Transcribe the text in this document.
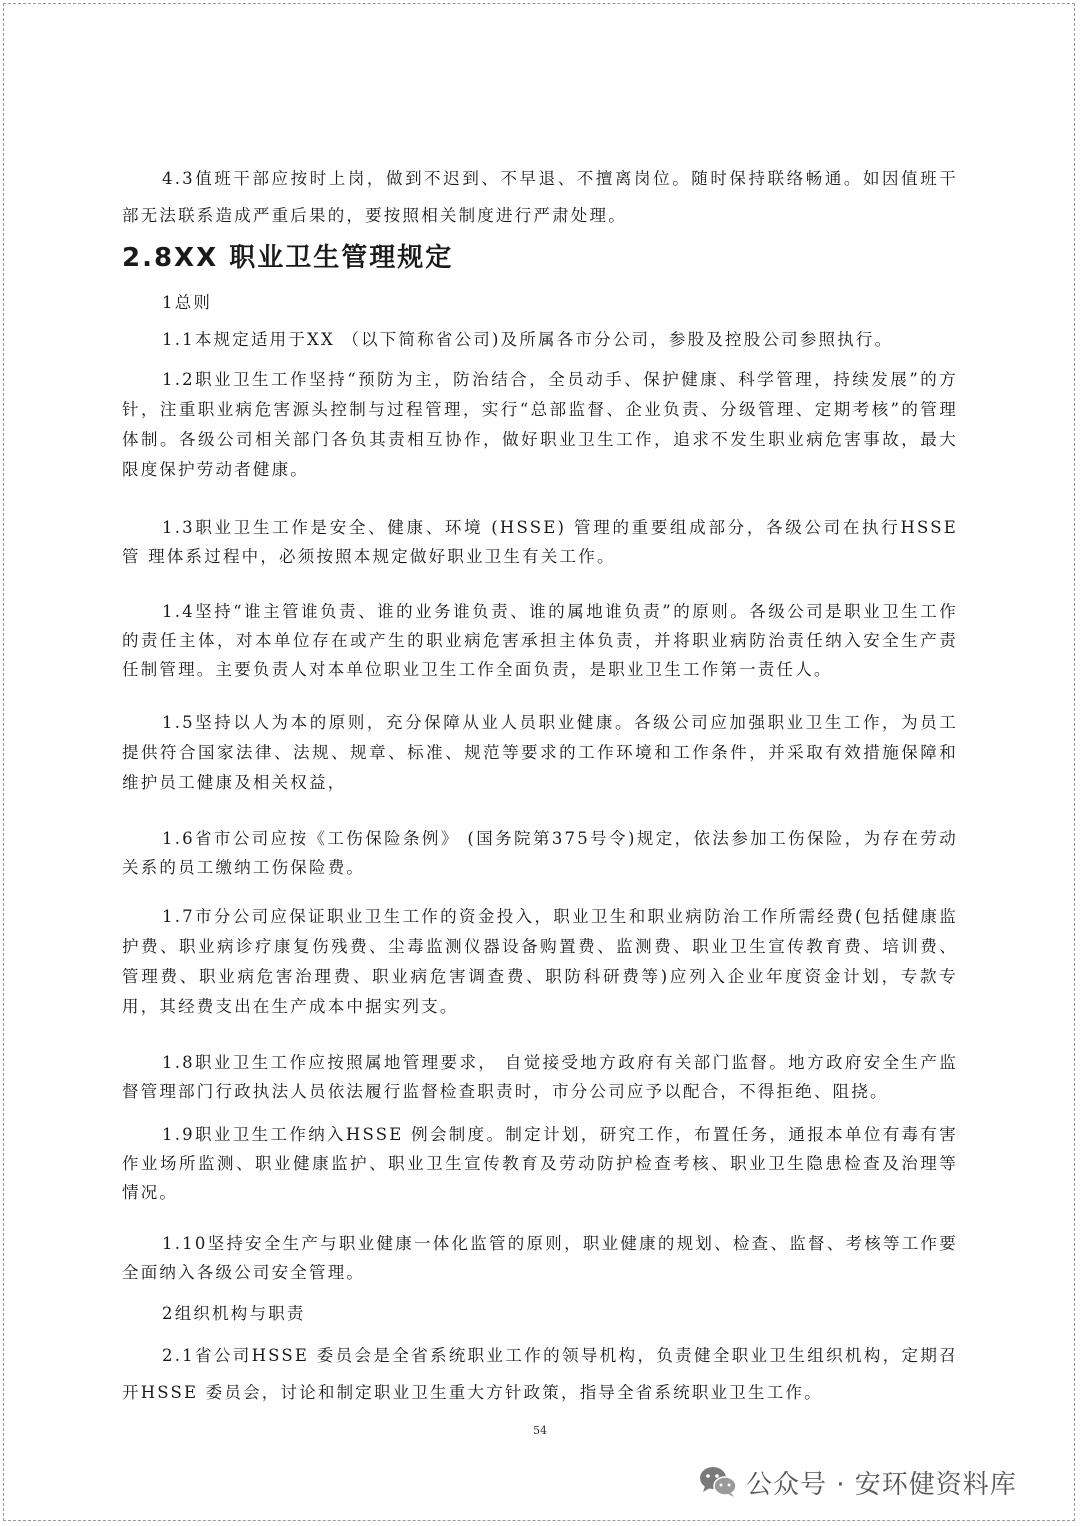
4.3值班干部应按时上岗，做到不迟到、不早退、不擅离岗位。随时保持联络畅通。如因值班干部无法联系造成严重后果的，要按照相关制度进行严肃处理。

2.8XX 职业卫生管理规定

1总则

1.1本规定适用于XX （以下简称省公司)及所属各市分公司，参股及控股公司参照执行。

1.2职业卫生工作坚持“预防为主，防治结合，全员动手、保护健康、科学管理，持续发展”的方针，注重职业病危害源头控制与过程管理，实行“总部监督、企业负责、分级管理、定期考核”的管理体制。各级公司相关部门各负其责相互协作，做好职业卫生工作，追求不发生职业病危害事故，最大限度保护劳动者健康。

1.3职业卫生工作是安全、健康、环境 (HSSE) 管理的重要组成部分，各级公司在执行HSSE 管 理体系过程中，必须按照本规定做好职业卫生有关工作。

1.4坚持“谁主管谁负责、谁的业务谁负责、谁的属地谁负责”的原则。各级公司是职业卫生工作的责任主体，对本单位存在或产生的职业病危害承担主体负责，并将职业病防治责任纳入安全生产责任制管理。主要负责人对本单位职业卫生工作全面负责，是职业卫生工作第一责任人。

1.5坚持以人为本的原则，充分保障从业人员职业健康。各级公司应加强职业卫生工作，为员工提供符合国家法律、法规、规章、标准、规范等要求的工作环境和工作条件，并采取有效措施保障和维护员工健康及相关权益，

1.6省市公司应按《工伤保险条例》 (国务院第375号令)规定，依法参加工伤保险，为存在劳动关系的员工缴纳工伤保险费。

1.7市分公司应保证职业卫生工作的资金投入，职业卫生和职业病防治工作所需经费(包括健康监护费、职业病诊疗康复伤残费、尘毒监测仪器设备购置费、监测费、职业卫生宣传教育费、培训费、管理费、职业病危害治理费、职业病危害调查费、职防科研费等)应列入企业年度资金计划，专款专用，其经费支出在生产成本中据实列支。

1.8职业卫生工作应按照属地管理要求， 自觉接受地方政府有关部门监督。地方政府安全生产监督管理部门行政执法人员依法履行监督检查职责时，市分公司应予以配合，不得拒绝、阻挠。

1.9职业卫生工作纳入HSSE 例会制度。制定计划，研究工作，布置任务，通报本单位有毒有害作业场所监测、职业健康监护、职业卫生宣传教育及劳动防护检查考核、职业卫生隐患检查及治理等情况。

1.10坚持安全生产与职业健康一体化监管的原则，职业健康的规划、检查、监督、考核等工作要全面纳入各级公司安全管理。

2组织机构与职责

2.1省公司HSSE 委员会是全省系统职业工作的领导机构，负责健全职业卫生组织机构，定期召开HSSE 委员会，讨论和制定职业卫生重大方针政策，指导全省系统职业卫生工作。

54
公众号 · 安环健资料库
